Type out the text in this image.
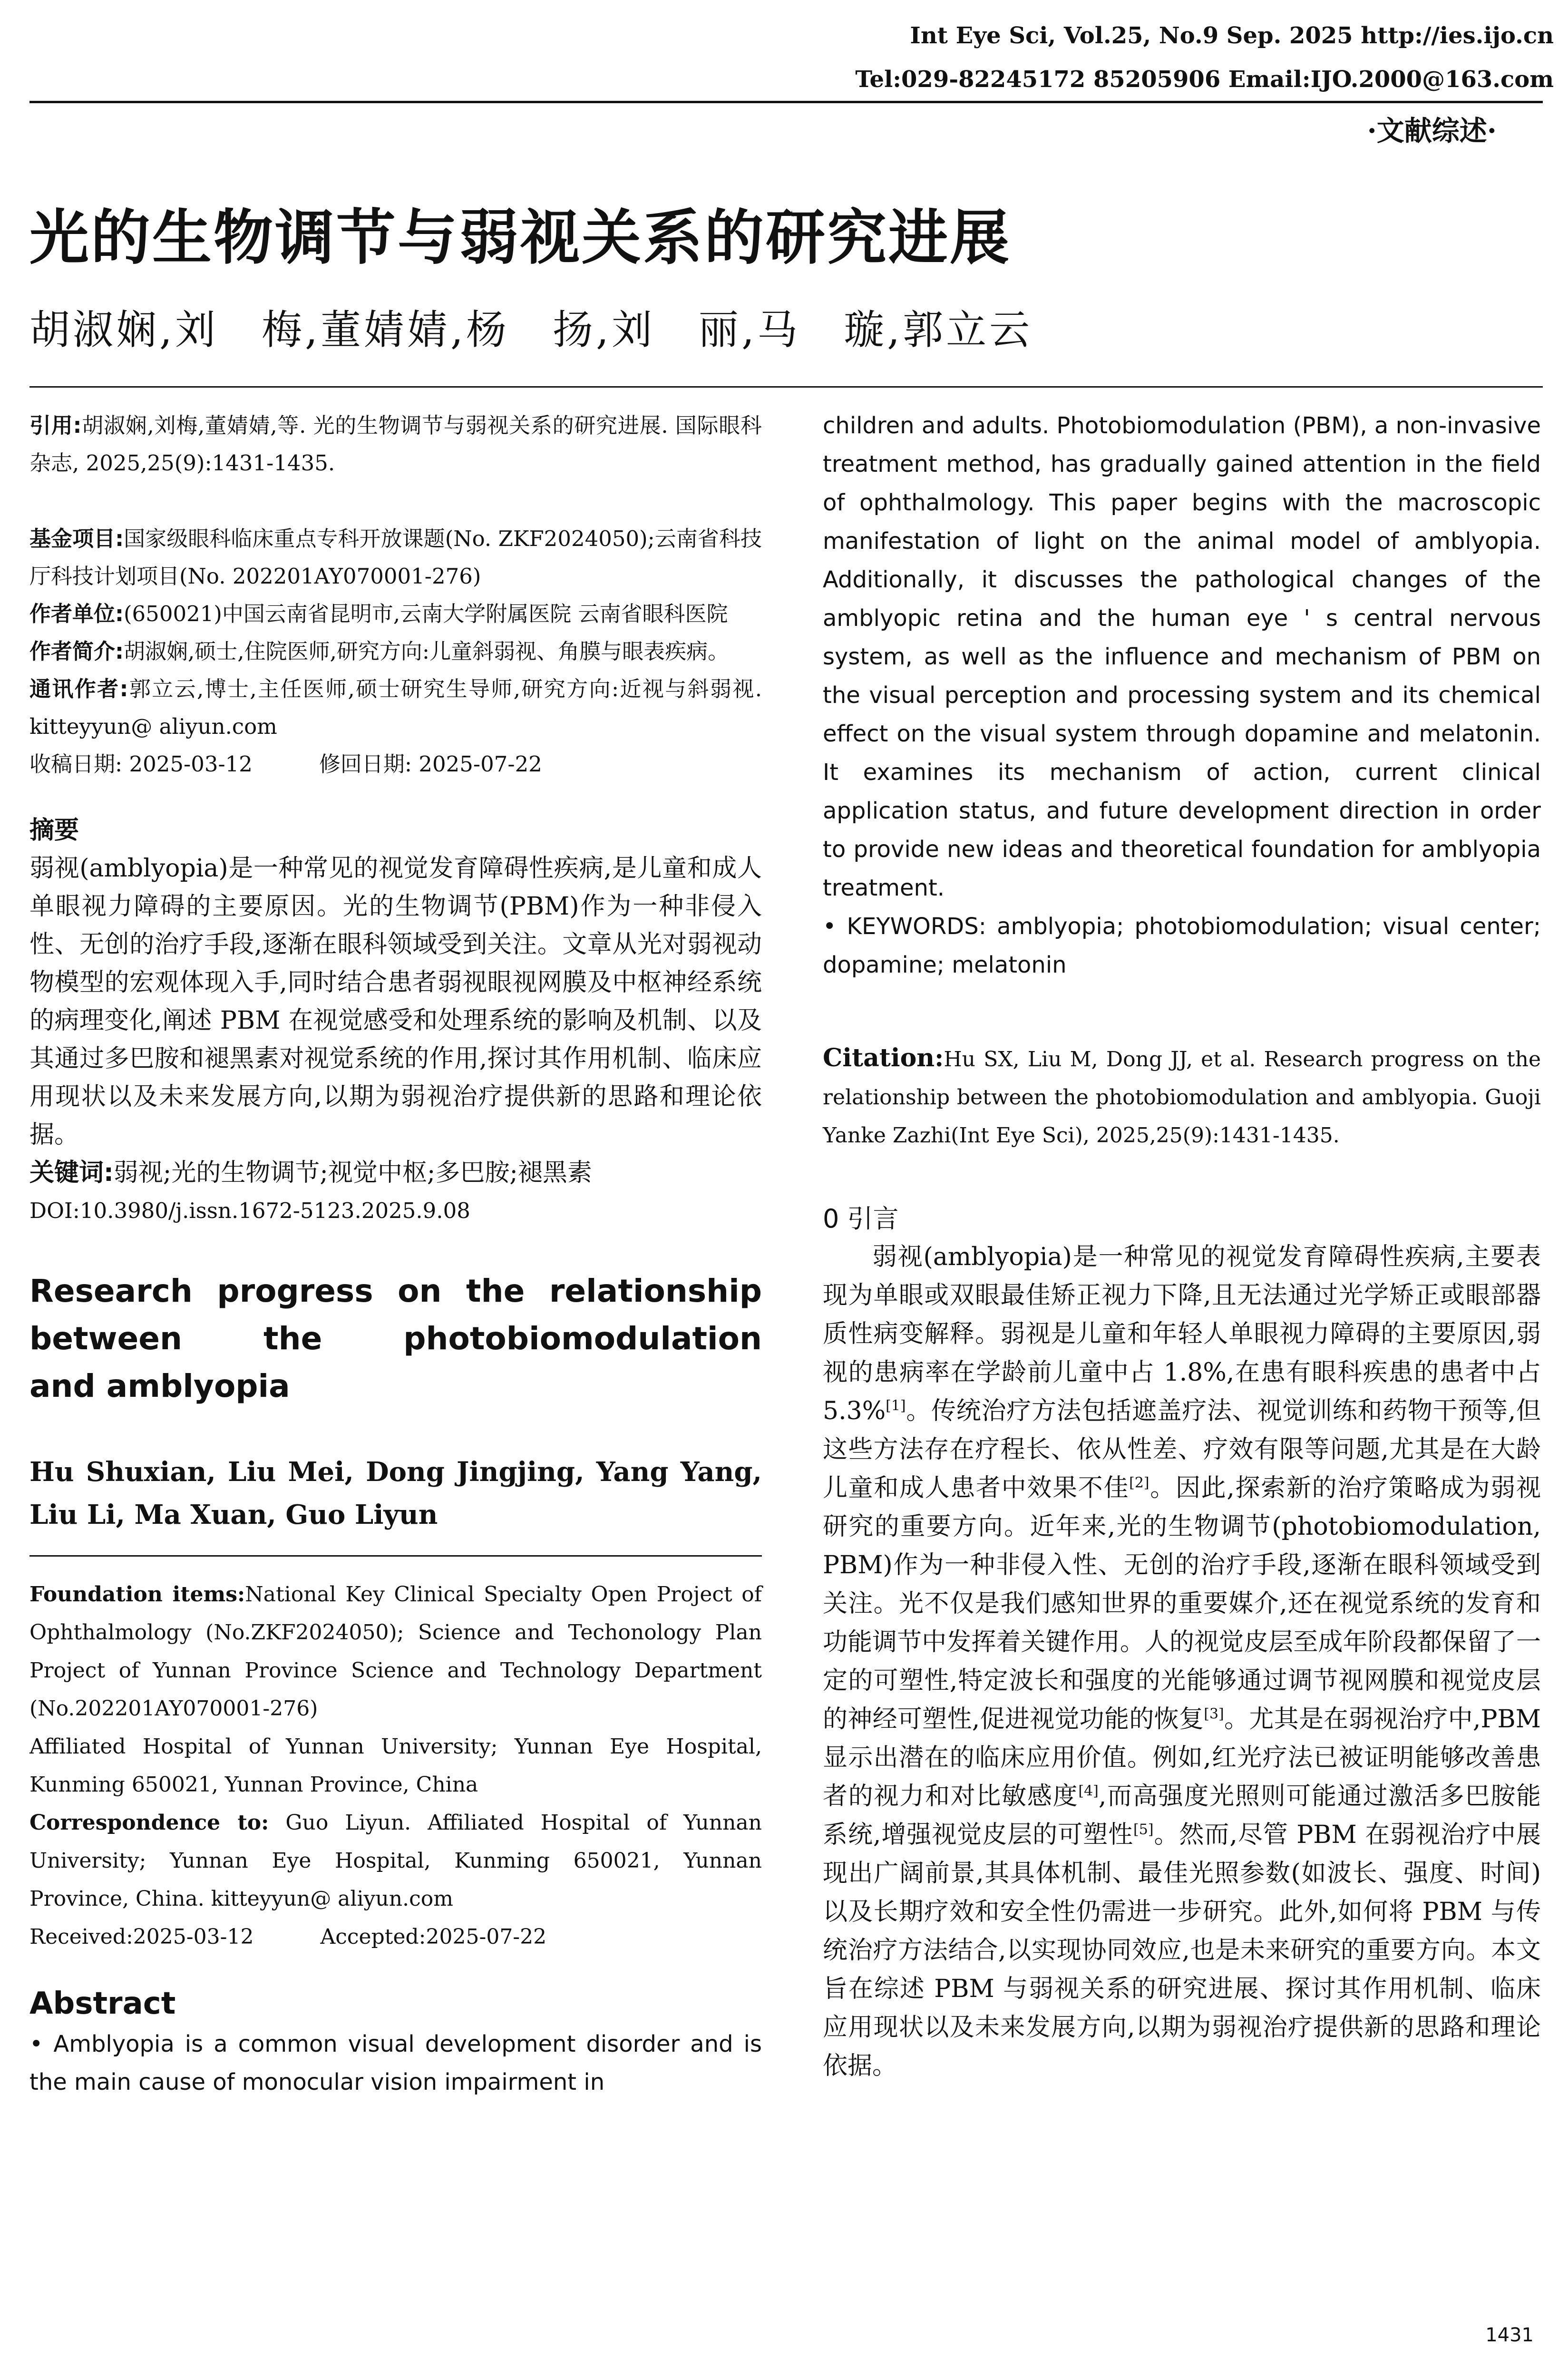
Int Eye Sci, Vol.25, No.9 Sep. 2025 http://ies.ijo.cn
Tel:029-82245172 85205906 Email:IJO.2000@163.com
·文献综述·
光的生物调节与弱视关系的研究进展
胡淑娴,刘　梅,董婧婧,杨　扬,刘　丽,马　璇,郭立云
引用:胡淑娴,刘梅,董婧婧,等. 光的生物调节与弱视关系的研究进展. 国际眼科杂志, 2025,25(9):1431-1435.
基金项目:国家级眼科临床重点专科开放课题(No. ZKF2024050);云南省科技厅科技计划项目(No. 202201AY070001-276)
作者单位:(650021)中国云南省昆明市,云南大学附属医院 云南省眼科医院
作者简介:胡淑娴,硕士,住院医师,研究方向:儿童斜弱视、角膜与眼表疾病。
通讯作者:郭立云,博士,主任医师,硕士研究生导师,研究方向:近视与斜弱视. kitteyyun@ aliyun.com
收稿日期: 2025-03-12	修回日期: 2025-07-22
摘要
弱视(amblyopia)是一种常见的视觉发育障碍性疾病,是儿童和成人单眼视力障碍的主要原因。光的生物调节(PBM)作为一种非侵入性、无创的治疗手段,逐渐在眼科领域受到关注。文章从光对弱视动物模型的宏观体现入手,同时结合患者弱视眼视网膜及中枢神经系统的病理变化,阐述 PBM 在视觉感受和处理系统的影响及机制、以及其通过多巴胺和褪黑素对视觉系统的作用,探讨其作用机制、临床应用现状以及未来发展方向,以期为弱视治疗提供新的思路和理论依据。
关键词:弱视;光的生物调节;视觉中枢;多巴胺;褪黑素
DOI:10.3980/j.issn.1672-5123.2025.9.08
Research progress on the relationship
between the photobiomodulation
and amblyopia
Hu Shuxian, Liu Mei, Dong Jingjing, Yang Yang, Liu Li, Ma Xuan, Guo Liyun
Foundation items:National Key Clinical Specialty Open Project of Ophthalmology (No.ZKF2024050); Science and Techonology Plan Project of Yunnan Province Science and Technology Department (No.202201AY070001-276)
Affiliated Hospital of Yunnan University; Yunnan Eye Hospital, Kunming 650021, Yunnan Province, China
Correspondence to: Guo Liyun. Affiliated Hospital of Yunnan University; Yunnan Eye Hospital, Kunming 650021, Yunnan Province, China. kitteyyun@ aliyun.com
Received:2025-03-12	Accepted:2025-07-22
Abstract
• Amblyopia is a common visual development disorder and is the main cause of monocular vision impairment in
children and adults. Photobiomodulation (PBM), a non-invasive treatment method, has gradually gained attention in the field of ophthalmology. This paper begins with the macroscopic manifestation of light on the animal model of amblyopia. Additionally, it discusses the pathological changes of the amblyopic retina and the human eye ' s central nervous system, as well as the influence and mechanism of PBM on the visual perception and processing system and its chemical effect on the visual system through dopamine and melatonin. It examines its mechanism of action, current clinical application status, and future development direction in order to provide new ideas and theoretical foundation for amblyopia treatment.
• KEYWORDS: amblyopia; photobiomodulation; visual center; dopamine; melatonin
Citation:Hu SX, Liu M, Dong JJ, et al. Research progress on the relationship between the photobiomodulation and amblyopia. Guoji Yanke Zazhi(Int Eye Sci), 2025,25(9):1431-1435.
0 引言
弱视(amblyopia)是一种常见的视觉发育障碍性疾病,主要表现为单眼或双眼最佳矫正视力下降,且无法通过光学矫正或眼部器质性病变解释。弱视是儿童和年轻人单眼视力障碍的主要原因,弱视的患病率在学龄前儿童中占 1.8%,在患有眼科疾患的患者中占 5.3%[1]。传统治疗方法包括遮盖疗法、视觉训练和药物干预等,但这些方法存在疗程长、依从性差、疗效有限等问题,尤其是在大龄儿童和成人患者中效果不佳[2]。因此,探索新的治疗策略成为弱视研究的重要方向。近年来,光的生物调节(photobiomodulation, PBM)作为一种非侵入性、无创的治疗手段,逐渐在眼科领域受到关注。光不仅是我们感知世界的重要媒介,还在视觉系统的发育和功能调节中发挥着关键作用。人的视觉皮层至成年阶段都保留了一定的可塑性,特定波长和强度的光能够通过调节视网膜和视觉皮层的神经可塑性,促进视觉功能的恢复[3]。尤其是在弱视治疗中,PBM 显示出潜在的临床应用价值。例如,红光疗法已被证明能够改善患者的视力和对比敏感度[4],而高强度光照则可能通过激活多巴胺能系统,增强视觉皮层的可塑性[5]。然而,尽管 PBM 在弱视治疗中展现出广阔前景,其具体机制、最佳光照参数(如波长、强度、时间)以及长期疗效和安全性仍需进一步研究。此外,如何将 PBM 与传统治疗方法结合,以实现协同效应,也是未来研究的重要方向。本文旨在综述 PBM 与弱视关系的研究进展、探讨其作用机制、临床应用现状以及未来发展方向,以期为弱视治疗提供新的思路和理论依据。
1431
